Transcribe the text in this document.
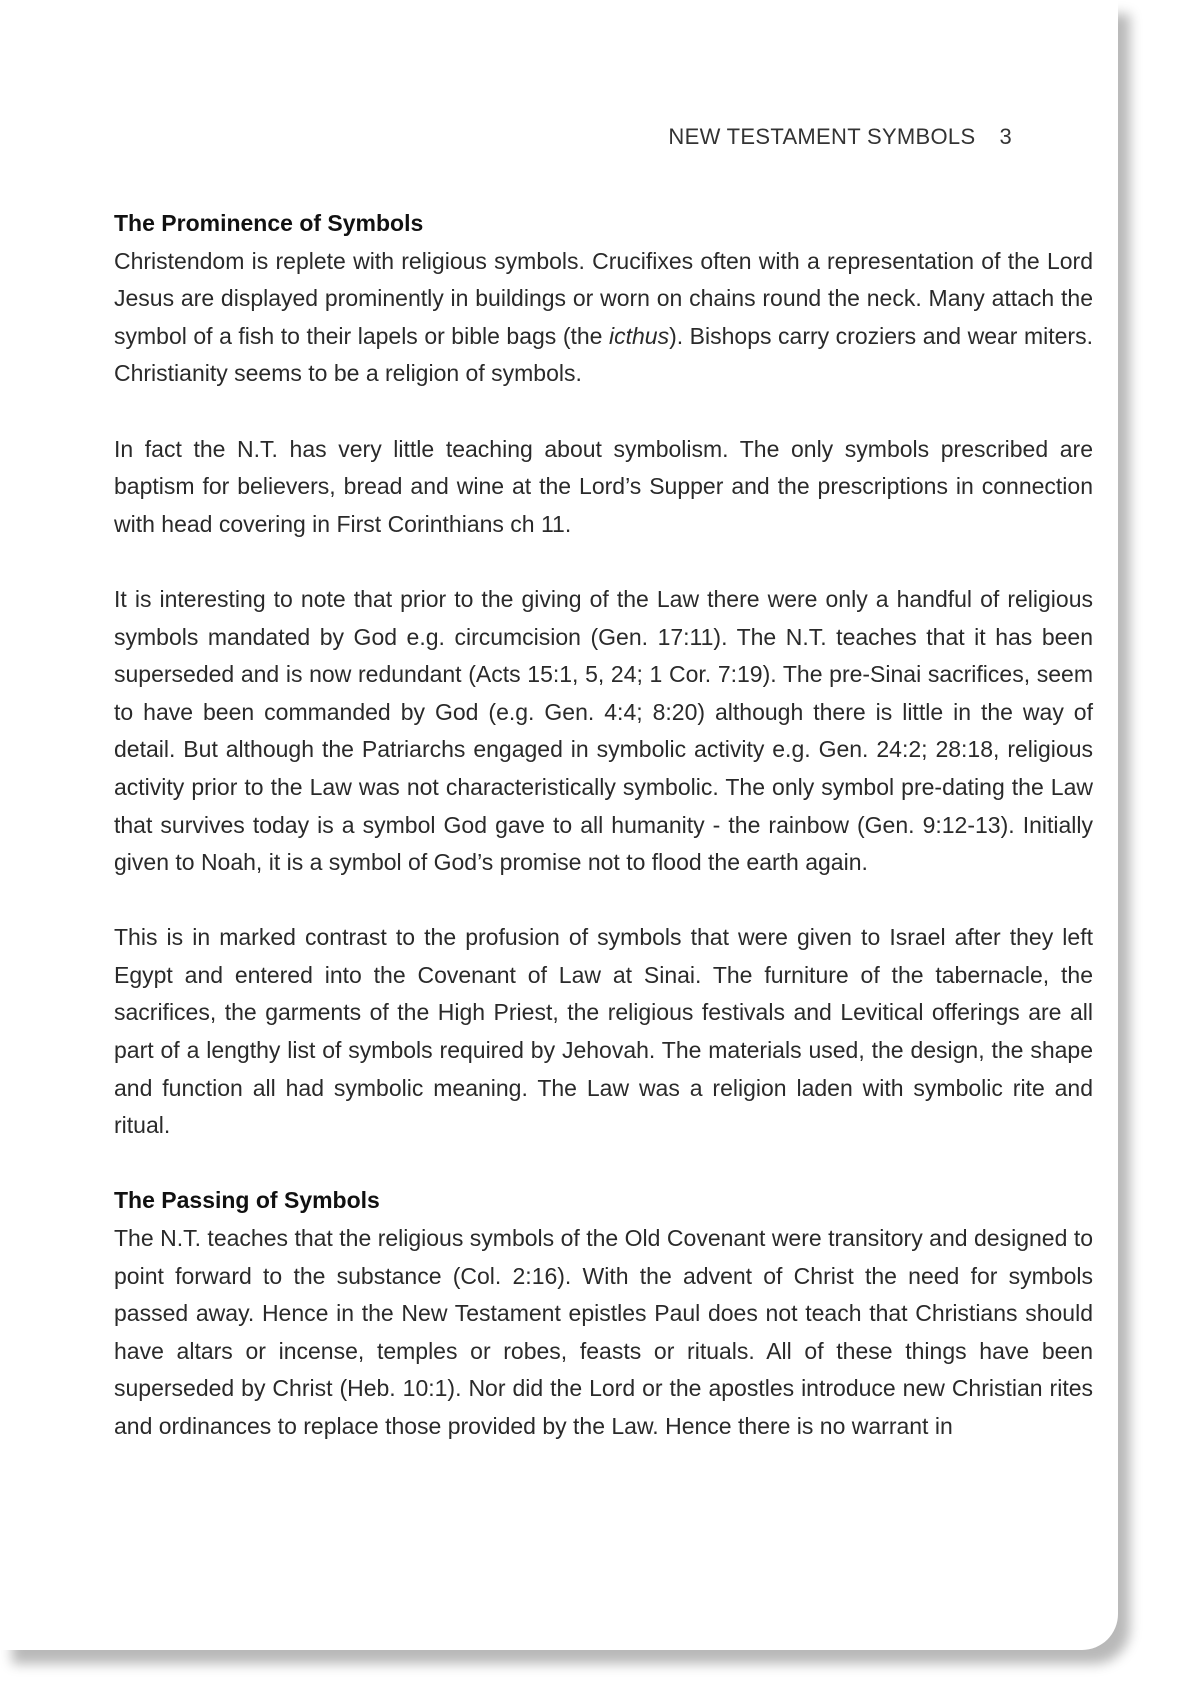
NEW TESTAMENT SYMBOLS 3
The Prominence of Symbols

Christendom is replete with religious symbols. Crucifixes often with a representation of the Lord Jesus are displayed prominently in buildings or worn on chains round the neck. Many attach the symbol of a fish to their lapels or bible bags (the icthus). Bishops carry croziers and wear miters. Christianity seems to be a religion of symbols.

In fact the N.T. has very little teaching about symbolism. The only symbols prescribed are baptism for believers, bread and wine at the Lord’s Supper and the prescriptions in connection with head covering in First Corinthians ch 11.

It is interesting to note that prior to the giving of the Law there were only a handful of religious symbols mandated by God e.g. circumcision (Gen. 17:11). The N.T. teaches that it has been superseded and is now redundant (Acts 15:1, 5, 24; 1 Cor. 7:19). The pre-Sinai sacrifices, seem to have been commanded by God (e.g. Gen. 4:4; 8:20) although there is little in the way of detail. But although the Patriarchs engaged in symbolic activity e.g. Gen. 24:2; 28:18, religious activity prior to the Law was not characteristically symbolic. The only symbol pre-dating the Law that survives today is a symbol God gave to all humanity - the rainbow (Gen. 9:12-13). Initially given to Noah, it is a symbol of God’s promise not to flood the earth again.

This is in marked contrast to the profusion of symbols that were given to Israel after they left Egypt and entered into the Covenant of Law at Sinai. The furniture of the tabernacle, the sacrifices, the garments of the High Priest, the religious festivals and Levitical offerings are all part of a lengthy list of symbols required by Jehovah. The materials used, the design, the shape and function all had symbolic meaning. The Law was a religion laden with symbolic rite and ritual.

The Passing of Symbols

The N.T. teaches that the religious symbols of the Old Covenant were transitory and designed to point forward to the substance (Col. 2:16). With the advent of Christ the need for symbols passed away. Hence in the New Testament epistles Paul does not teach that Christians should have altars or incense, temples or robes, feasts or rituals. All of these things have been superseded by Christ (Heb. 10:1). Nor did the Lord or the apostles introduce new Christian rites and ordinances to replace those provided by the Law. Hence there is no warrant in
